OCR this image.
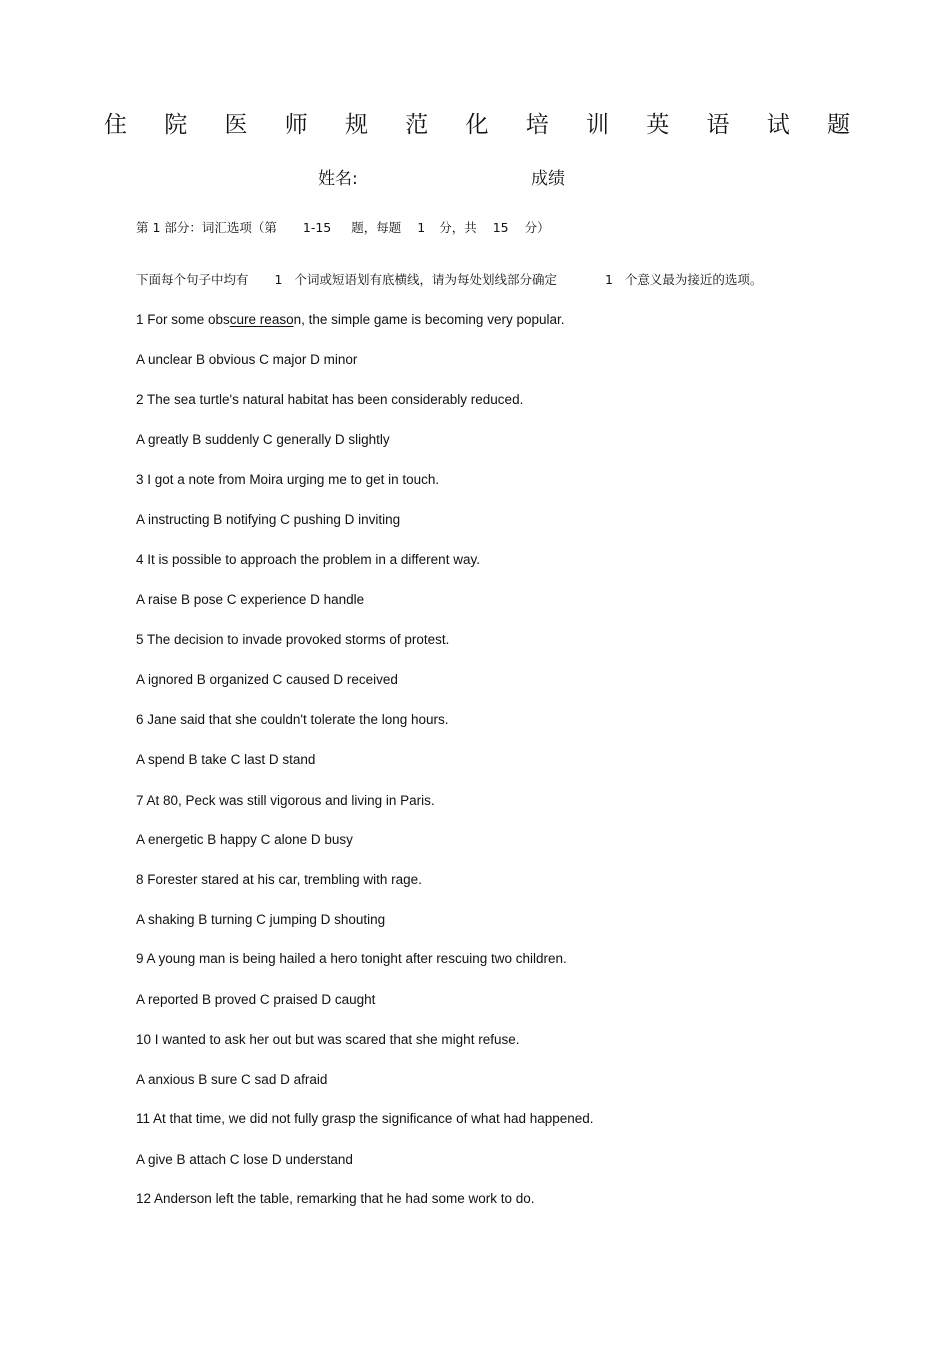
住 院 医 师 规 范 化 培 训 英 语 试 题
姓名:	成绩
第 1 部分：词汇选项（第 1-15 题，每题 1 分，共 15 分）
下面每个句子中均有 1 个词或短语划有底横线，请为每处划线部分确定	1 个意义最为接近的选项。
1 For some obscure reason, the simple game is becoming very popular.
A unclear B obvious C major D minor
2 The sea turtle's natural habitat has been considerably reduced.
A greatly B suddenly C generally D slightly
3 I got a note from Moira urging me to get in touch.
A instructing B notifying C pushing D inviting
4 It is possible to approach the problem in a different way.
A raise B pose C experience D handle
5 The decision to invade provoked storms of protest.
A ignored B organized C caused D received
6 Jane said that she couldn't tolerate the long hours.
A spend B take C last D stand
7 At 80, Peck was still vigorous and living in Paris.
A energetic B happy C alone D busy
8 Forester stared at his car, trembling with rage.
A shaking B turning C jumping D shouting
9 A young man is being hailed a hero tonight after rescuing two children.
A reported B proved C praised D caught
10 I wanted to ask her out but was scared that she might refuse.
A anxious B sure C sad D afraid
11 At that time, we did not fully grasp the significance of what had happened.
A give B attach C lose D understand
12 Anderson left the table, remarking that he had some work to do.
